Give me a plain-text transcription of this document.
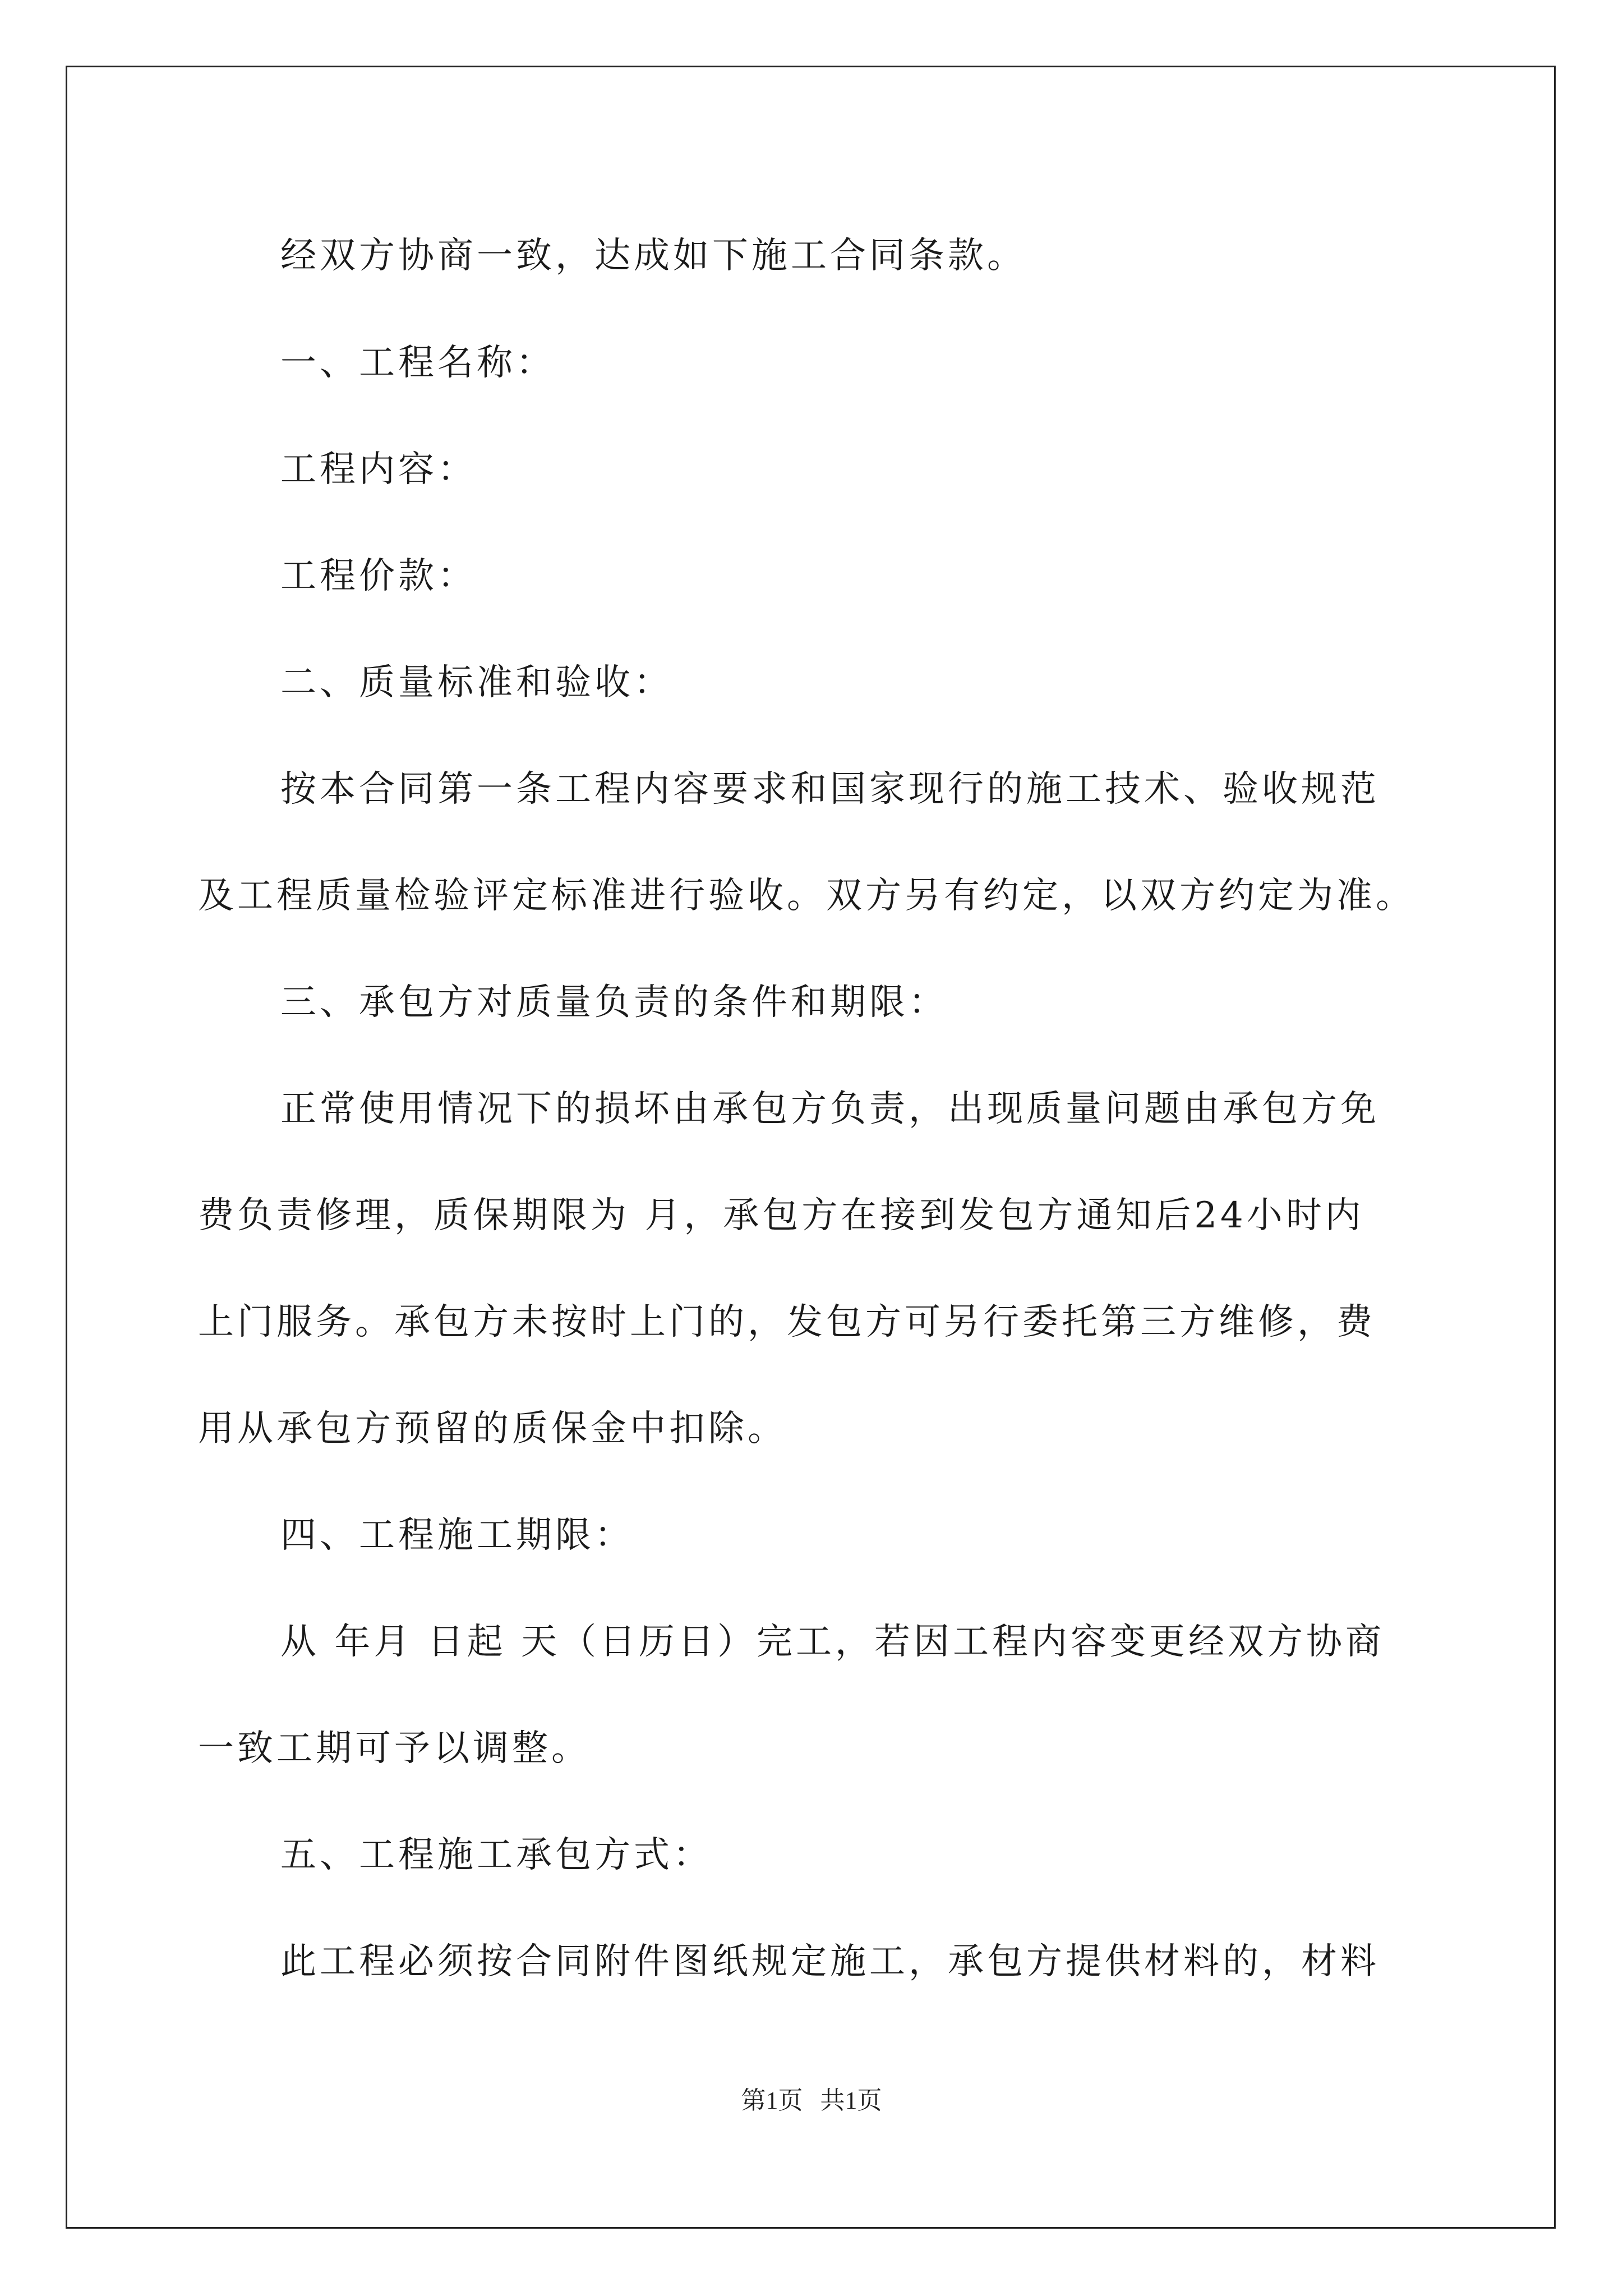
经双方协商一致，达成如下施工合同条款。
一、工程名称：
工程内容：
工程价款：
二、质量标准和验收：
按本合同第一条工程内容要求和国家现行的施工技术、验收规范
及工程质量检验评定标准进行验收。双方另有约定，以双方约定为准。
三、承包方对质量负责的条件和期限：
正常使用情况下的损坏由承包方负责，出现质量问题由承包方免
费负责修理，质保期限为 月，承包方在接到发包方通知后24小时内
上门服务。承包方未按时上门的，发包方可另行委托第三方维修，费
用从承包方预留的质保金中扣除。
四、工程施工期限：
从 年月 日起 天（日历日）完工，若因工程内容变更经双方协商
一致工期可予以调整。
五、工程施工承包方式：
此工程必须按合同附件图纸规定施工，承包方提供材料的，材料
第1页 共1页
